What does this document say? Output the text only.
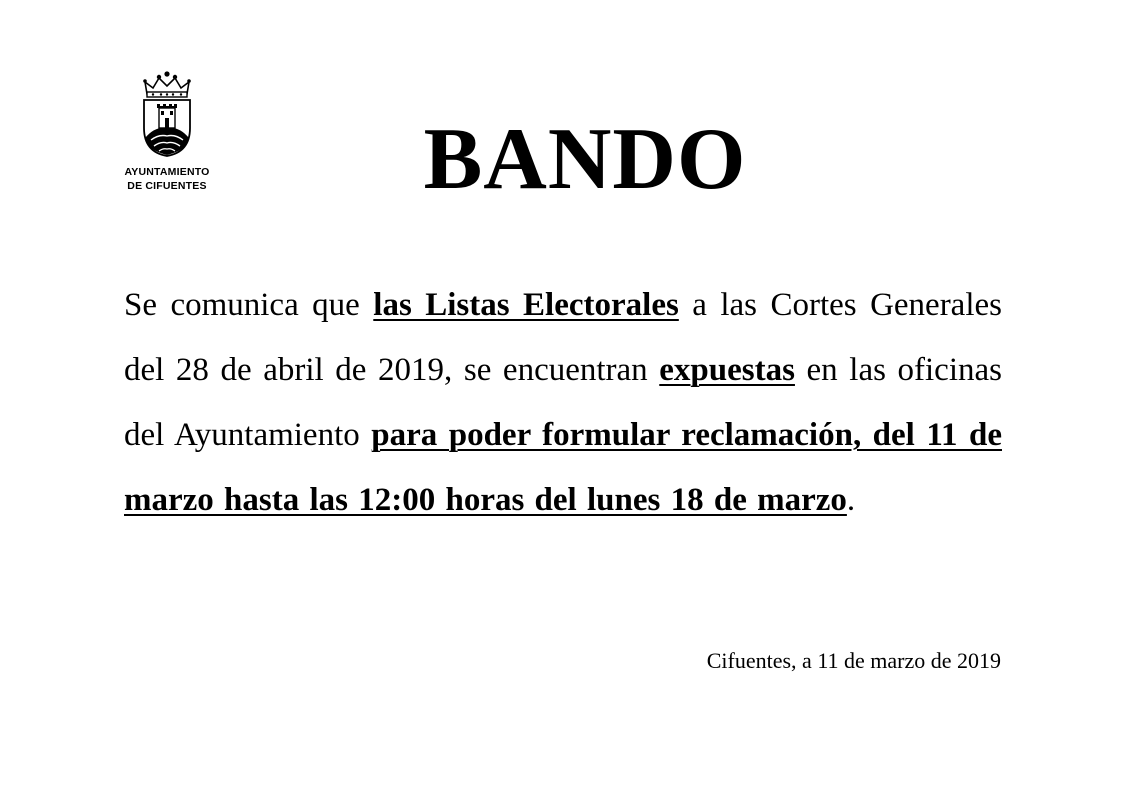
AYUNTAMIENTO
DE CIFUENTES	BANDO

Se comunica que las Listas Electorales a las Cortes Generales del 28 de abril de 2019, se encuentran expuestas en las oficinas del Ayuntamiento para poder formular reclamación, del 11 de marzo hasta las 12:00 horas del lunes 18 de marzo.

Cifuentes, a 11 de marzo de 2019
